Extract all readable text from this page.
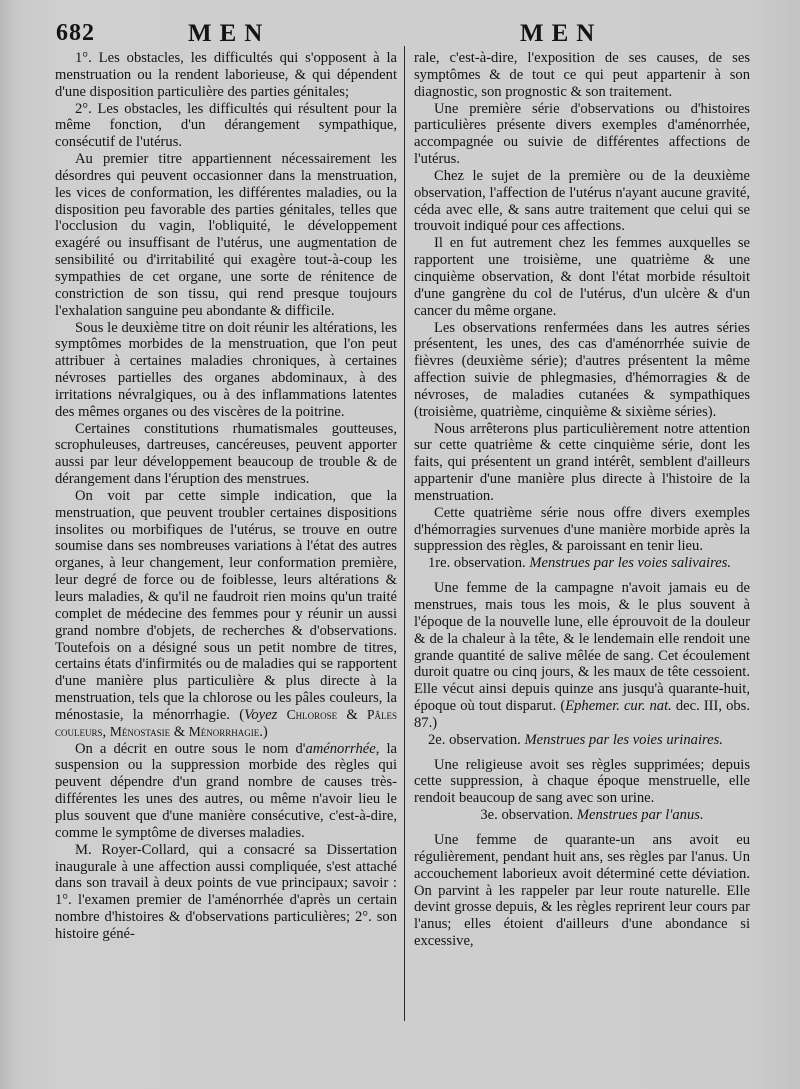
682	MEN	MEN

1°. Les obstacles, les difficultés qui s'opposent à la menstruation ou la rendent laborieuse, & qui dépendent d'une disposition particulière des parties génitales;

2°. Les obstacles, les difficultés qui résultent pour la même fonction, d'un dérangement sympathique, consécutif de l'utérus.

Au premier titre appartiennent nécessairement les désordres qui peuvent occasionner dans la menstruation, les vices de conformation, les différentes maladies, ou la disposition peu favorable des parties génitales, telles que l'occlusion du vagin, l'obliquité, le développement exagéré ou insuffisant de l'utérus, une augmentation de sensibilité ou d'irritabilité qui exagère tout-à-coup les sympathies de cet organe, une sorte de rénitence de constriction de son tissu, qui rend presque toujours l'exhalation sanguine peu abondante & difficile.

Sous le deuxième titre on doit réunir les altérations, les symptômes morbides de la menstruation, que l'on peut attribuer à certaines maladies chroniques, à certaines névroses partielles des organes abdominaux, à des irritations névralgiques, ou à des inflammations latentes des mêmes organes ou des viscères de la poitrine.

Certaines constitutions rhumatismales goutteuses, scrophuleuses, dartreuses, cancéreuses, peuvent apporter aussi par leur développement beaucoup de trouble & de dérangement dans l'éruption des menstrues.

On voit par cette simple indication, que la menstruation, que peuvent troubler certaines dispositions insolites ou morbifiques de l'utérus, se trouve en outre soumise dans ses nombreuses variations à l'état des autres organes, à leur changement, leur conformation première, leur degré de force ou de foiblesse, leurs altérations & leurs maladies, & qu'il ne faudroit rien moins qu'un traité complet de médecine des femmes pour y réunir un aussi grand nombre d'objets, de recherches & d'observations. Toutefois on a désigné sous un petit nombre de titres, certains états d'infirmités ou de maladies qui se rapportent d'une manière plus particulière & plus directe à la menstruation, tels que la chlorose ou les pâles couleurs, la ménostasie, la ménorrhagie. (Voyez Chlorose & Pâles couleurs, Ménostasie & Ménorrhagie.)

On a décrit en outre sous le nom d'aménorrhée, la suspension ou la suppression morbide des règles qui peuvent dépendre d'un grand nombre de causes très-différentes les unes des autres, ou même n'avoir lieu le plus souvent que d'une manière consécutive, c'est-à-dire, comme le symptôme de diverses maladies.

M. Royer-Collard, qui a consacré sa Dissertation inaugurale à une affection aussi compliquée, s'est attaché dans son travail à deux points de vue principaux; savoir : 1°. l'examen premier de l'aménorrhée d'après un certain nombre d'histoires & d'observations particulières; 2°. son histoire géné-

rale, c'est-à-dire, l'exposition de ses causes, de ses symptômes & de tout ce qui peut appartenir à son diagnostic, son prognostic & son traitement.

Une première série d'observations ou d'histoires particulières présente divers exemples d'aménorrhée, accompagnée ou suivie de différentes affections de l'utérus.

Chez le sujet de la première ou de la deuxième observation, l'affection de l'utérus n'ayant aucune gravité, céda avec elle, & sans autre traitement que celui qui se trouvoit indiqué pour ces affections.

Il en fut autrement chez les femmes auxquelles se rapportent une troisième, une quatrième & une cinquième observation, & dont l'état morbide résultoit d'une gangrène du col de l'utérus, d'un ulcère & d'un cancer du même organe.

Les observations renfermées dans les autres séries présentent, les unes, des cas d'aménorrhée suivie de fièvres (deuxième série); d'autres présentent la même affection suivie de phlegmasies, d'hémorragies & de névroses, de maladies cutanées & sympathiques (troisième, quatrième, cinquième & sixième séries).

Nous arrêterons plus particulièrement notre attention sur cette quatrième & cette cinquième série, dont les faits, qui présentent un grand intérêt, semblent d'ailleurs appartenir d'une manière plus directe à l'histoire de la menstruation.

Cette quatrième série nous offre divers exemples d'hémorragies survenues d'une manière morbide après la suppression des règles, & paroissant en tenir lieu.

1re. observation. Menstrues par les voies salivaires.

Une femme de la campagne n'avoit jamais eu de menstrues, mais tous les mois, & le plus souvent à l'époque de la nouvelle lune, elle éprouvoit de la douleur & de la chaleur à la tête, & le lendemain elle rendoit une grande quantité de salive mêlée de sang. Cet écoulement duroit quatre ou cinq jours, & les maux de tête cessoient. Elle vécut ainsi depuis quinze ans jusqu'à quarante-huit, époque où tout disparut. (Ephemer. cur. nat. dec. III, obs. 87.)

2e. observation. Menstrues par les voies urinaires.

Une religieuse avoit ses règles supprimées; depuis cette suppression, à chaque époque menstruelle, elle rendoit beaucoup de sang avec son urine.

3e. observation. Menstrues par l'anus.

Une femme de quarante-un ans avoit eu régulièrement, pendant huit ans, ses règles par l'anus. Un accouchement laborieux avoit déterminé cette déviation. On parvint à les rappeler par leur route naturelle. Elle devint grosse depuis, & les règles reprirent leur cours par l'anus; elles étoient d'ailleurs d'une abondance si excessive,
